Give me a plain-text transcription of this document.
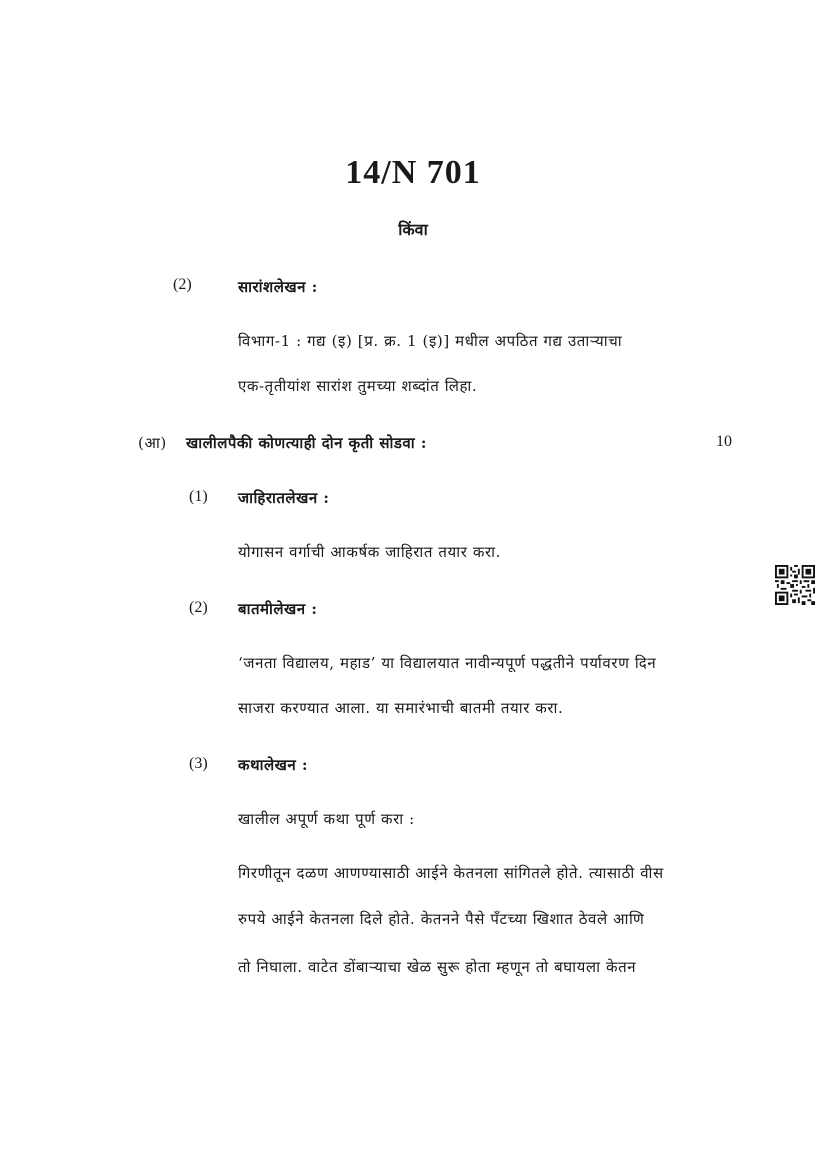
14/N 701
किंवा
(2)	सारांशलेखन :
विभाग-1 : गद्य (इ) [प्र. क्र. 1 (इ)] मधील अपठित गद्य उताऱ्याचा
एक-तृतीयांश सारांश तुमच्या शब्दांत लिहा.
(आ) खालीलपैकी कोणत्याही दोन कृती सोडवा :	10
(1) जाहिरातलेखन :
योगासन वर्गाची आकर्षक जाहिरात तयार करा.
(2) बातमीलेखन :
‘जनता विद्यालय, महाड’ या विद्यालयात नावीन्यपूर्ण पद्धतीने पर्यावरण दिन
साजरा करण्यात आला. या समारंभाची बातमी तयार करा.
(3) कथालेखन :
खालील अपूर्ण कथा पूर्ण करा :
गिरणीतून दळण आणण्यासाठी आईने केतनला सांगितले होते. त्यासाठी वीस
रुपये आईने केतनला दिले होते. केतनने पैसे पँटच्या खिशात ठेवले आणि
तो निघाला. वाटेत डोंबाऱ्याचा खेळ सुरू होता म्हणून तो बघायला केतन
